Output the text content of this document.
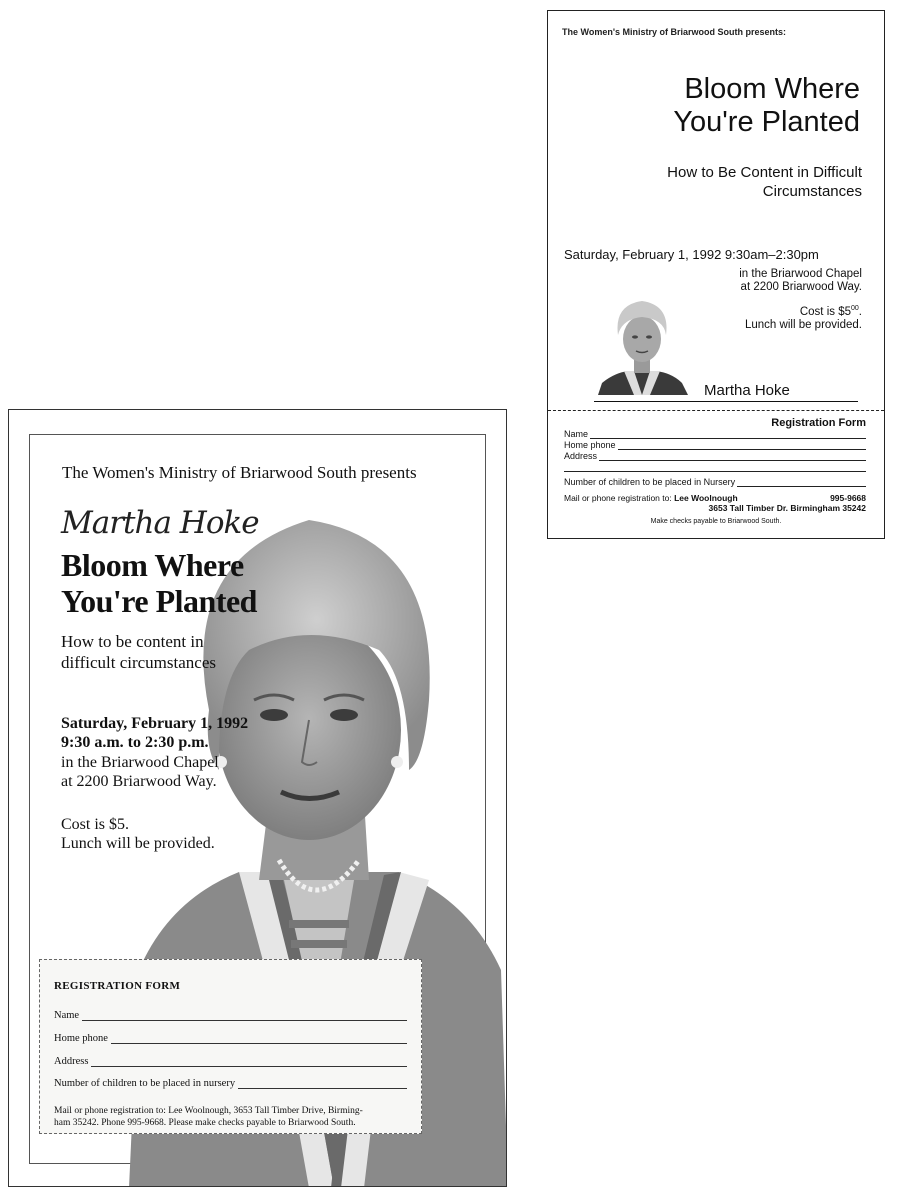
The Women's Ministry of Briarwood South presents:
Bloom Where
You're Planted
How to Be Content in Difficult
Circumstances
Saturday, February 1, 1992 9:30am–2:30pm
in the Briarwood Chapel
at 2200 Briarwood Way.
Cost is $\$5^{00}$.
Lunch will be provided.
Martha Hoke
Registration Form
Name
Home phone
Address
Number of children to be placed in Nursery
Mail or phone registration to: Lee Woolnough	995-9668
3653 Tall Timber Dr. Birmingham 35242
Make checks payable to Briarwood South.
The Women's Ministry of Briarwood South presents
Martha Hoke
Bloom Where
You're Planted
How to be content in
difficult circumstances
Saturday, February 1, 1992
9:30 a.m. to 2:30 p.m.
in the Briarwood Chapel
at 2200 Briarwood Way.
Cost is $5.
Lunch will be provided.
REGISTRATION FORM
Name
Home phone
Address
Number of children to be placed in nursery
Mail or phone registration to: Lee Woolnough, 3653 Tall Timber Drive, Birming-
ham 35242. Phone 995-9668. Please make checks payable to Briarwood South.
